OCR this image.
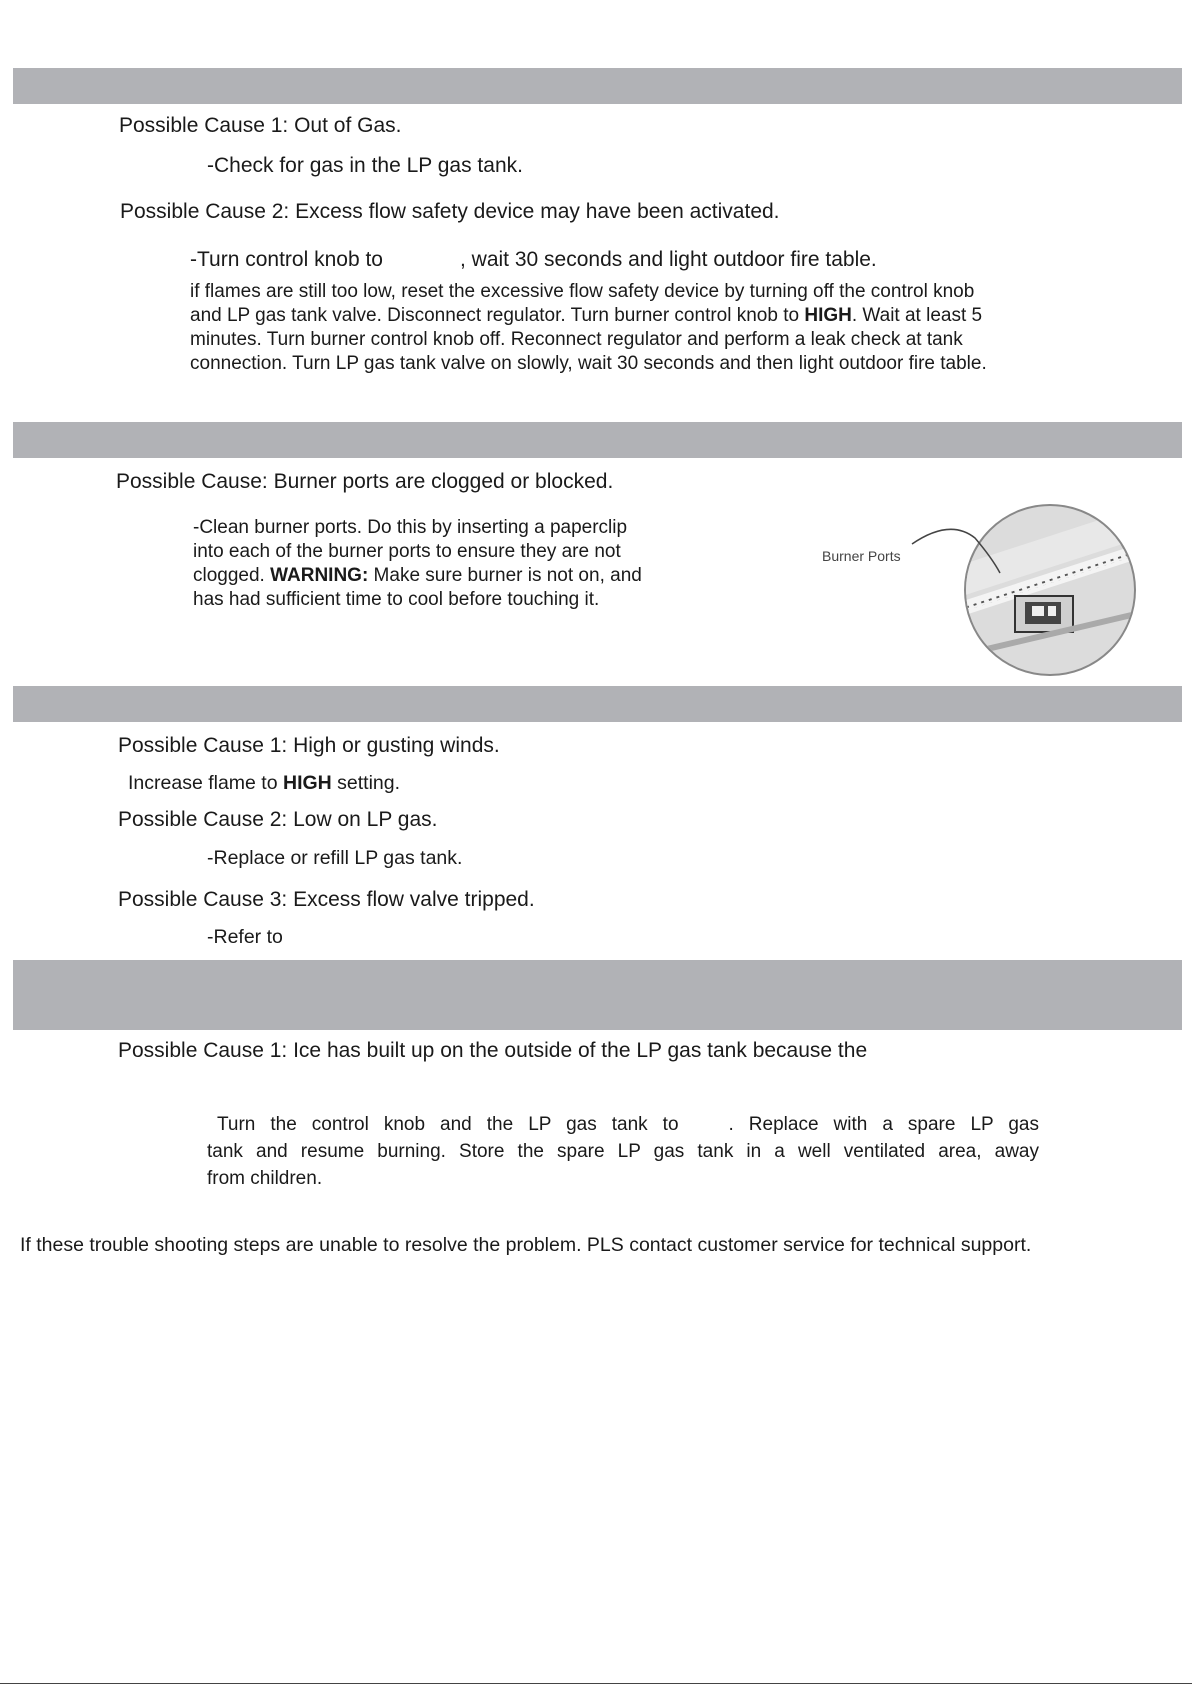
Possible Cause 1: Out of Gas.
-Check for gas in the LP gas tank.
Possible Cause 2: Excess flow safety device may have been activated.
-Turn control knob to	, wait 30 seconds and light outdoor fire table.
if flames are still too low, reset the excessive flow safety device by turning off the control knob
and LP gas tank valve. Disconnect regulator. Turn burner control knob to HIGH. Wait at least 5
minutes. Turn burner control knob off. Reconnect regulator and perform a leak check at tank
connection. Turn LP gas tank valve on slowly, wait 30 seconds and then light outdoor fire table.
Possible Cause: Burner ports are clogged or blocked.
-Clean burner ports. Do this by inserting a paperclip
into each of the burner ports to ensure they are not
clogged. WARNING: Make sure burner is not on, and
has had sufficient time to cool before touching it.
Burner Ports
Possible Cause 1: High or gusting winds.
Increase flame to HIGH setting.
Possible Cause 2: Low on LP gas.
-Replace or refill LP gas tank.
Possible Cause 3: Excess flow valve tripped.
-Refer to
Possible Cause 1: Ice has built up on the outside of the LP gas tank because the
Turn the control knob and the LP gas tank to	. Replace with a spare LP gas
tank and resume burning. Store the spare LP gas tank in a well ventilated area, away
from children.
If these trouble shooting steps are unable to resolve the problem. PLS contact customer service for technical support.
